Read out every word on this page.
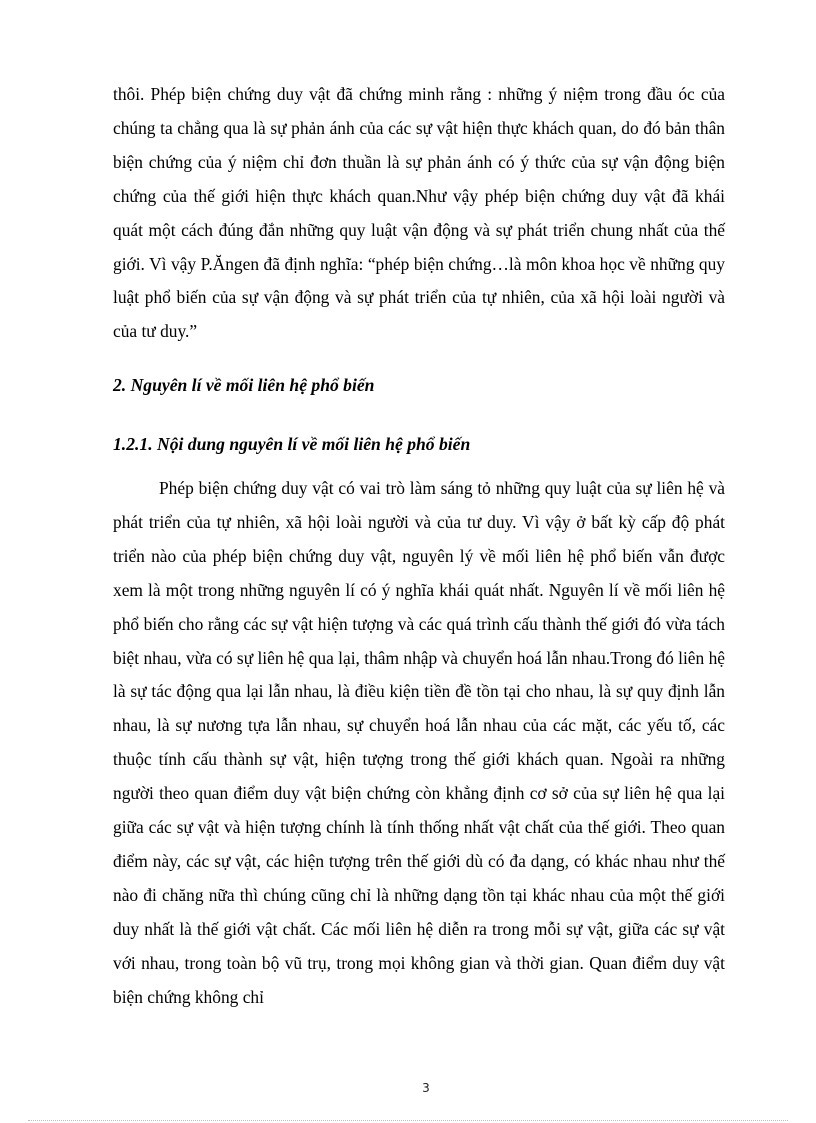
thôi. Phép biện chứng duy vật đã chứng minh rằng : những ý niệm trong đầu óc của chúng ta chẳng qua là sự phản ánh của các sự vật hiện thực khách quan, do đó bản thân biện chứng của ý niệm chỉ đơn thuần là sự phản ánh có ý thức của sự vận động biện chứng của thế giới hiện thực khách quan.Như vậy phép biện chứng duy vật đã khái quát một cách đúng đắn những quy luật vận động và sự phát triển chung nhất của thế giới. Vì vậy P.Ăngen đã định nghĩa: “phép biện chứng…là môn khoa học về những quy luật phổ biến của sự vận động và sự phát triển của tự nhiên, của xã hội loài người và của tư duy.”

2. Nguyên lí về mối liên hệ phổ biến
1.2.1. Nội dung nguyên lí về mối liên hệ phổ biến

Phép biện chứng duy vật có vai trò làm sáng tỏ những quy luật của sự liên hệ và phát triển của tự nhiên, xã hội loài người và của tư duy. Vì vậy ở bất kỳ cấp độ phát triển nào của phép biện chứng duy vật, nguyên lý về mối liên hệ phổ biến vẫn được xem là một trong những nguyên lí có ý nghĩa khái quát nhất. Nguyên lí về mối liên hệ phổ biến cho rằng các sự vật hiện tượng và các quá trình cấu thành thế giới đó vừa tách biệt nhau, vừa có sự liên hệ qua lại, thâm nhập và chuyển hoá lẫn nhau.Trong đó liên hệ là sự tác động qua lại lẫn nhau, là điều kiện tiền đề tồn tại cho nhau, là sự quy định lẫn nhau, là sự nương tựa lẫn nhau, sự chuyển hoá lẫn nhau của các mặt, các yếu tố, các thuộc tính cấu thành sự vật, hiện tượng trong thế giới khách quan. Ngoài ra những người theo quan điểm duy vật biện chứng còn khẳng định cơ sở của sự liên hệ qua lại giữa các sự vật và hiện tượng chính là tính thống nhất vật chất của thế giới. Theo quan điểm này, các sự vật, các hiện tượng trên thế giới dù có đa dạng, có khác nhau như thế nào đi chăng nữa thì chúng cũng chỉ là những dạng tồn tại khác nhau của một thế giới duy nhất là thế giới vật chất. Các mối liên hệ diễn ra trong mỗi sự vật, giữa các sự vật với nhau, trong toàn bộ vũ trụ, trong mọi không gian và thời gian. Quan điểm duy vật biện chứng không chỉ

3
